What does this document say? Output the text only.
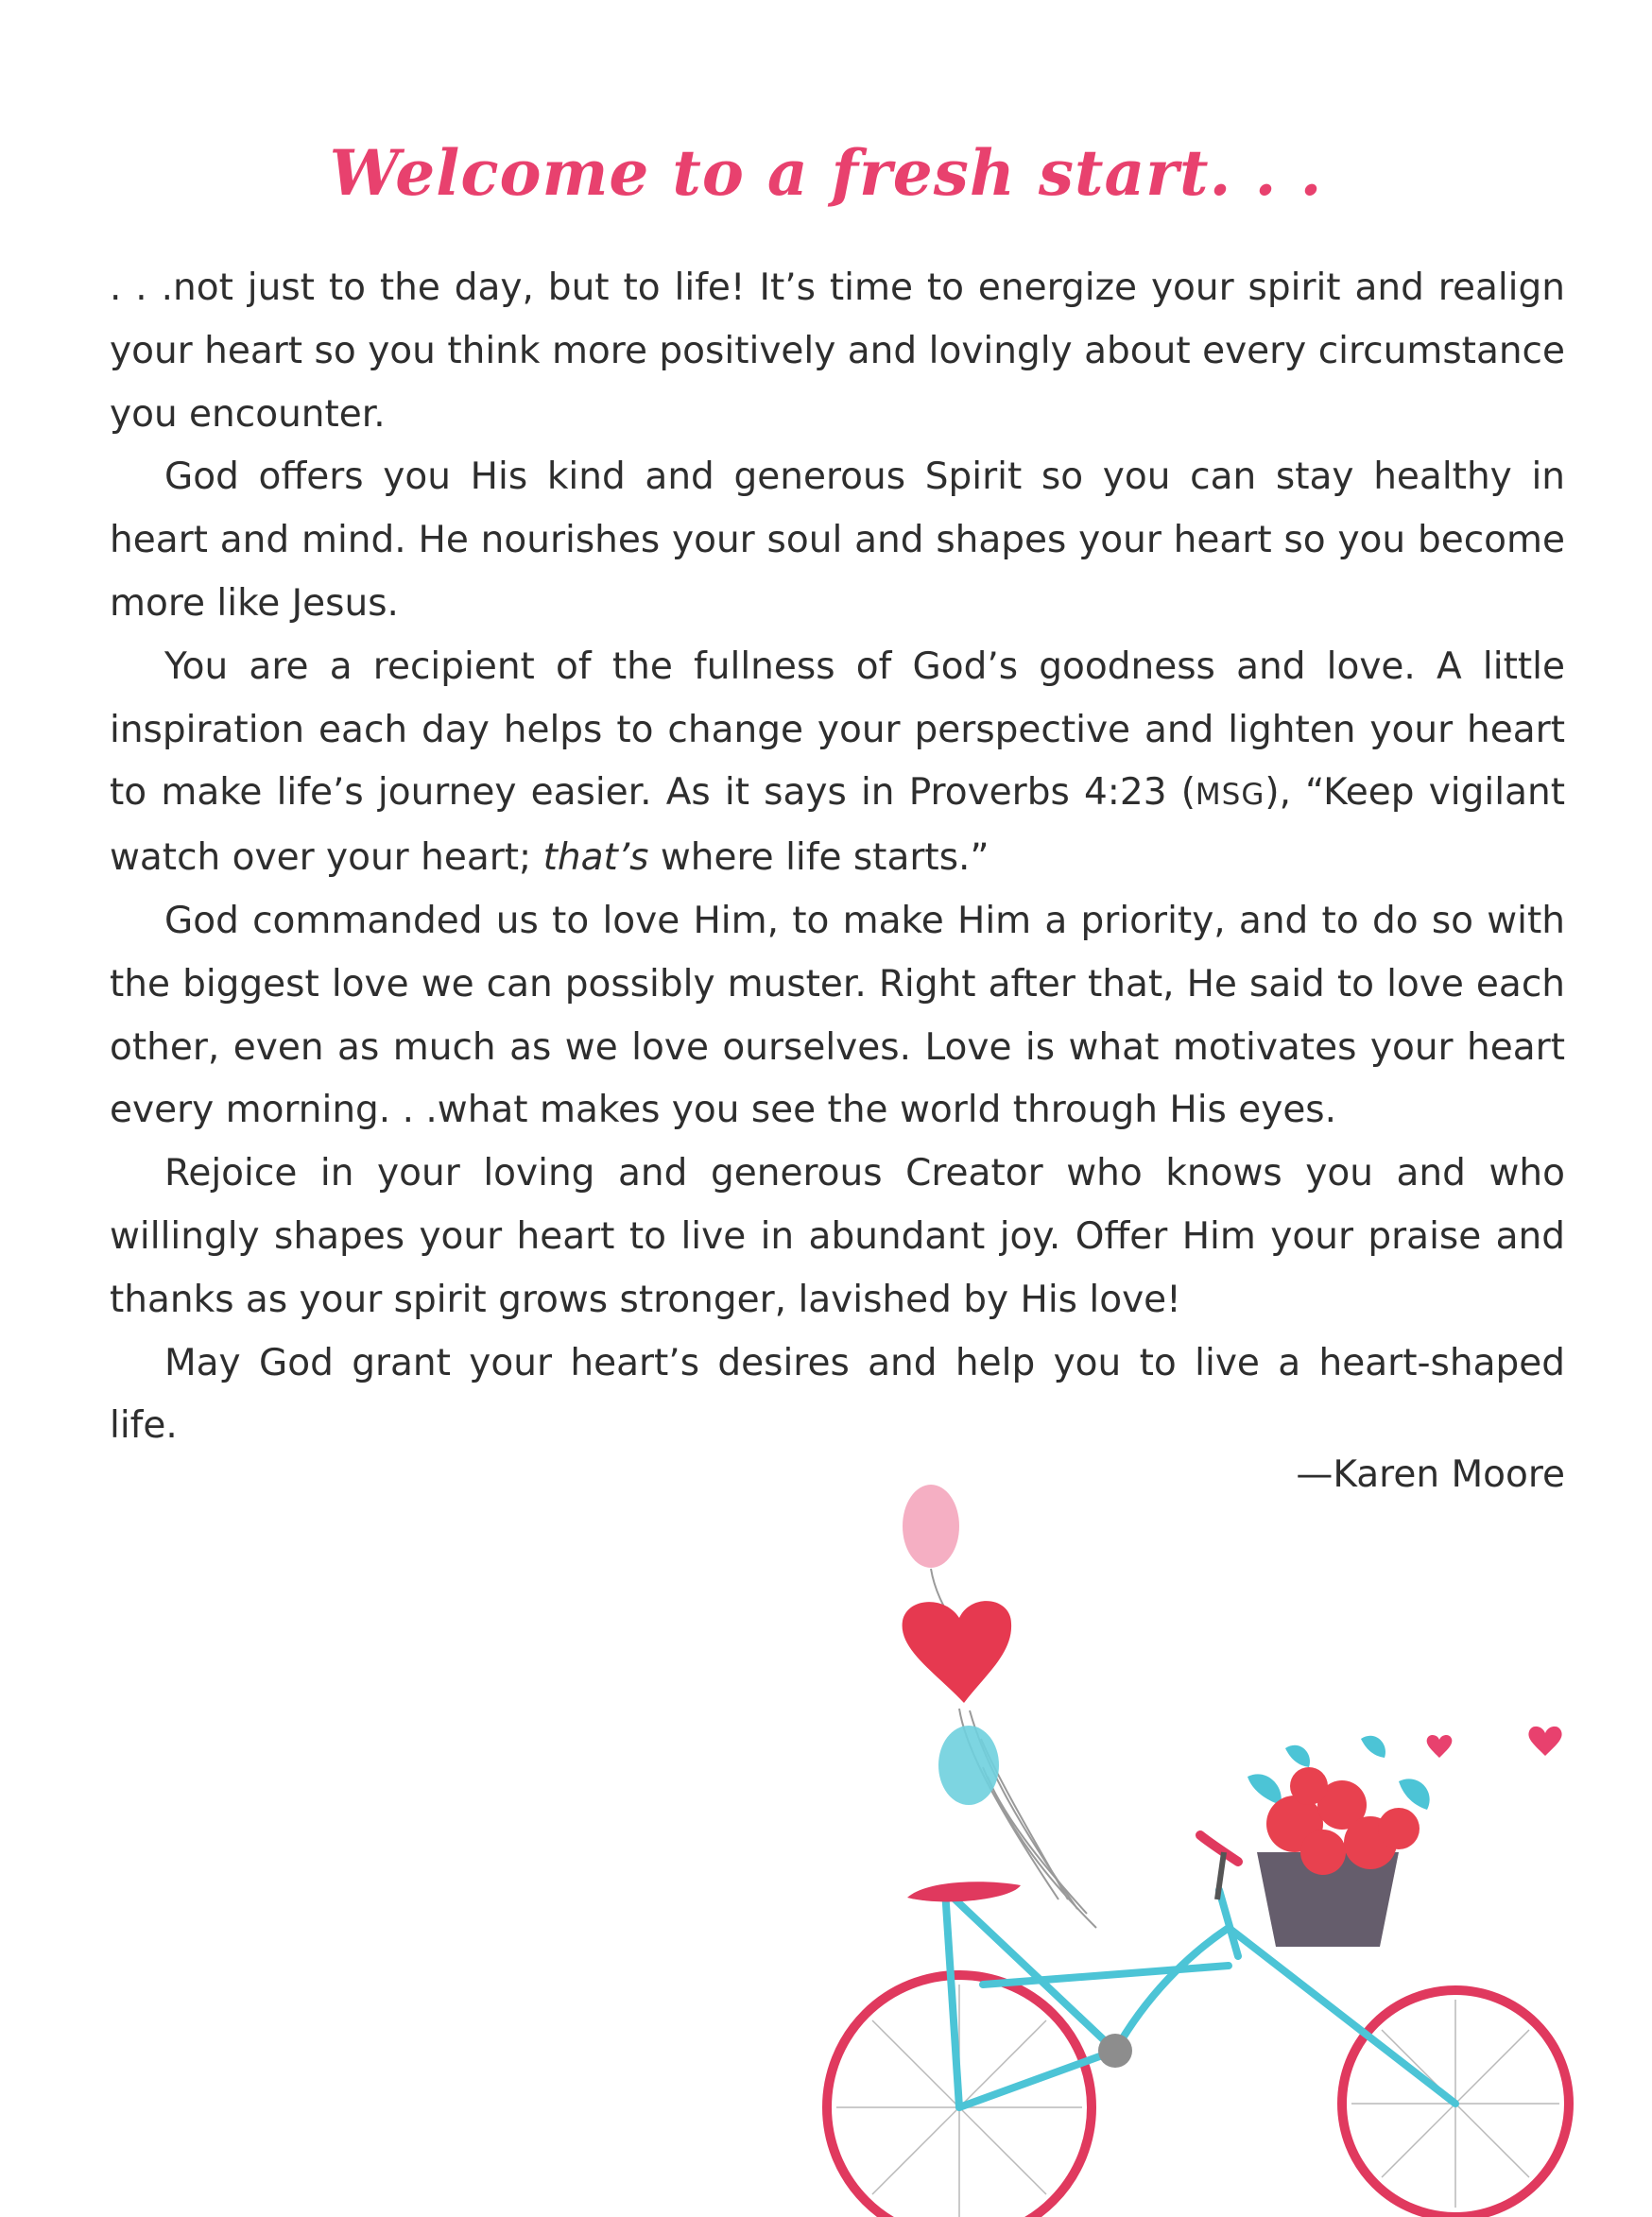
Welcome to a fresh start. . .

. . .not just to the day, but to life! It’s time to energize your spirit and realign your heart so you think more positively and lovingly about every circumstance you encounter.

God offers you His kind and generous Spirit so you can stay healthy in heart and mind. He nourishes your soul and shapes your heart so you become more like Jesus.

You are a recipient of the fullness of God’s goodness and love. A little inspiration each day helps to change your perspective and lighten your heart to make life’s journey easier. As it says in Proverbs 4:23 (MSG), “Keep vigilant watch over your heart; that’s where life starts.”

God commanded us to love Him, to make Him a priority, and to do so with the biggest love we can possibly muster. Right after that, He said to love each other, even as much as we love ourselves. Love is what motivates your heart every morning. . .what makes you see the world through His eyes.

Rejoice in your loving and generous Creator who knows you and who willingly shapes your heart to live in abundant joy. Offer Him your praise and thanks as your spirit grows stronger, lavished by His love!

May God grant your heart’s desires and help you to live a heart-shaped life.

—Karen Moore
